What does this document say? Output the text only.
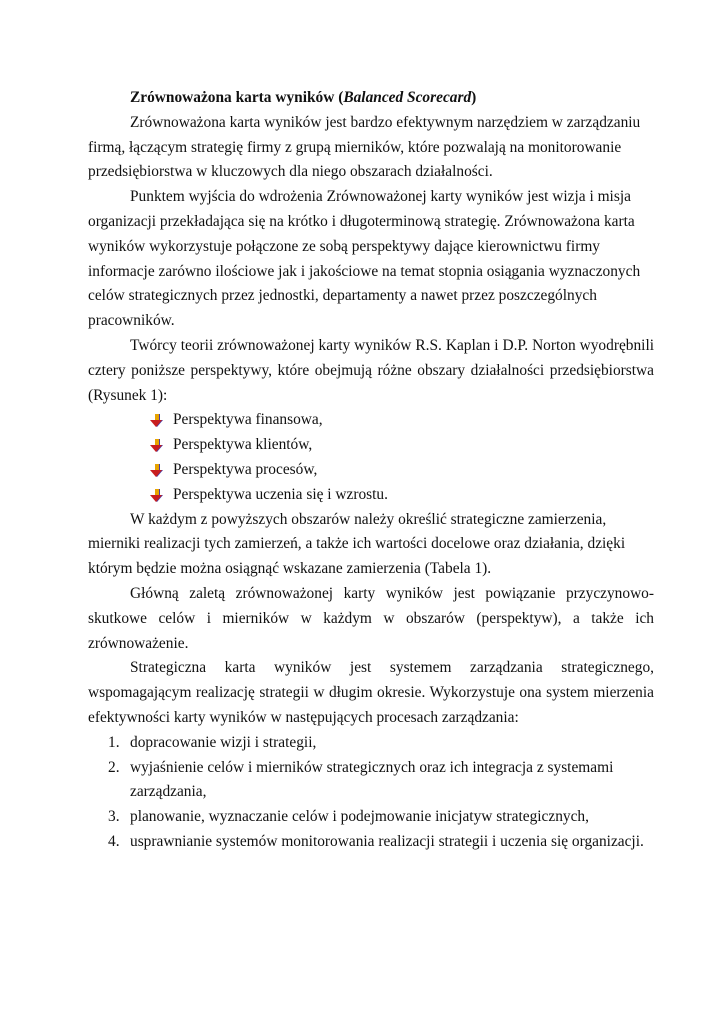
Zrównoważona karta wyników (Balanced Scorecard)

Zrównoważona karta wyników jest bardzo efektywnym narzędziem w zarządzaniu firmą, łączącym strategię firmy z grupą mierników, które pozwalają na monitorowanie przedsiębiorstwa w kluczowych dla niego obszarach działalności.

Punktem wyjścia do wdrożenia Zrównoważonej karty wyników jest wizja i misja organizacji przekładająca się na krótko i długoterminową strategię. Zrównoważona karta wyników wykorzystuje połączone ze sobą perspektywy dające kierownictwu firmy informacje zarówno ilościowe jak i jakościowe na temat stopnia osiągania wyznaczonych celów strategicznych przez jednostki, departamenty a nawet przez poszczególnych pracowników.

Twórcy teorii zrównoważonej karty wyników R.S. Kaplan i D.P. Norton wyodrębnili cztery poniższe perspektywy, które obejmują różne obszary działalności przedsiębiorstwa (Rysunek 1):

Perspektywa finansowa,
Perspektywa klientów,
Perspektywa procesów,
Perspektywa uczenia się i wzrostu.

W każdym z powyższych obszarów należy określić strategiczne zamierzenia, mierniki realizacji tych zamierzeń, a także ich wartości docelowe oraz działania, dzięki którym będzie można osiągnąć wskazane zamierzenia (Tabela 1).

Główną zaletą zrównoważonej karty wyników jest powiązanie przyczynowo-skutkowe celów i mierników w każdym w obszarów (perspektyw), a także ich zrównoważenie.

Strategiczna karta wyników jest systemem zarządzania strategicznego, wspomagającym realizację strategii w długim okresie. Wykorzystuje ona system mierzenia efektywności karty wyników w następujących procesach zarządzania:

1. dopracowanie wizji i strategii,
2. wyjaśnienie celów i mierników strategicznych oraz ich integracja z systemami zarządzania,
3. planowanie, wyznaczanie celów i podejmowanie inicjatyw strategicznych,
4. usprawnianie systemów monitorowania realizacji strategii i uczenia się organizacji.
